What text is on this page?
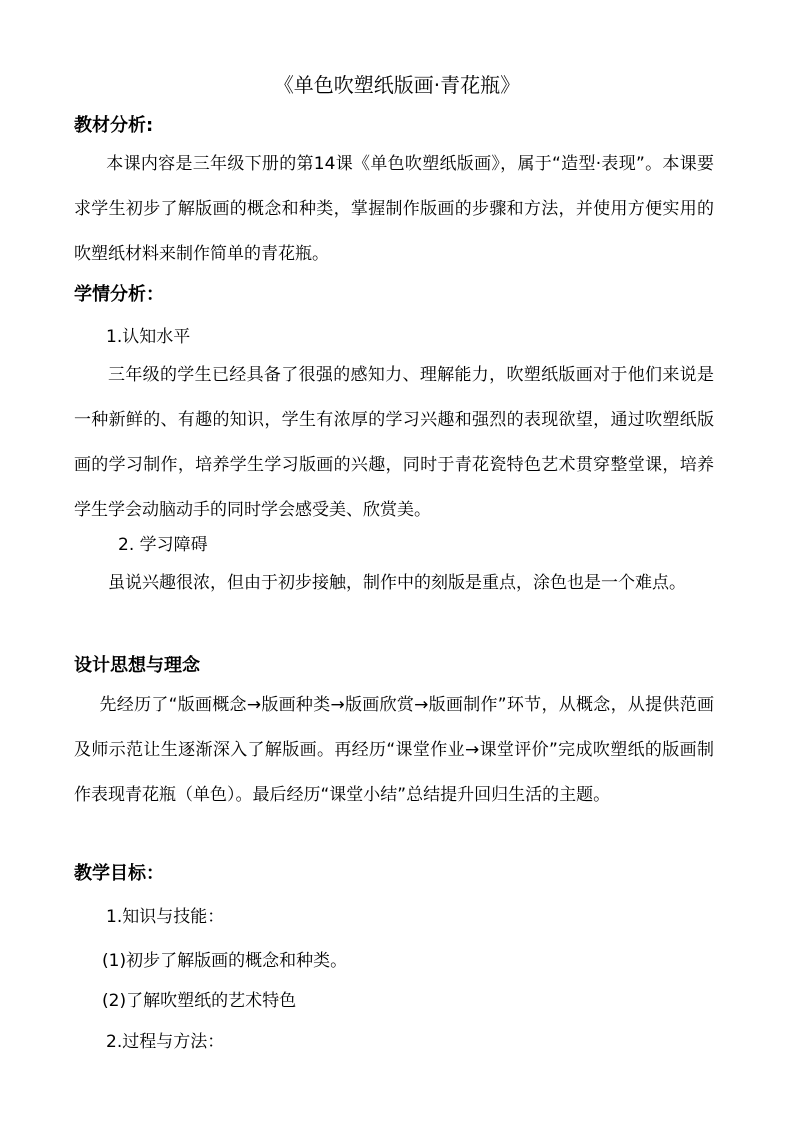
《单色吹塑纸版画·青花瓶》
教材分析:
本课内容是三年级下册的第14课《单色吹塑纸版画》，属于“造型·表现”。本课要求学生初步了解版画的概念和种类，掌握制作版画的步骤和方法，并使用方便实用的吹塑纸材料来制作简单的青花瓶。
学情分析：
1.认知水平
三年级的学生已经具备了很强的感知力、理解能力，吹塑纸版画对于他们来说是一种新鲜的、有趣的知识，学生有浓厚的学习兴趣和强烈的表现欲望，通过吹塑纸版画的学习制作，培养学生学习版画的兴趣，同时于青花瓷特色艺术贯穿整堂课，培养学生学会动脑动手的同时学会感受美、欣赏美。
2. 学习障碍
虽说兴趣很浓，但由于初步接触，制作中的刻版是重点，涂色也是一个难点。
设计思想与理念
先经历了“版画概念→版画种类→版画欣赏→版画制作”环节，从概念，从提供范画及师示范让生逐渐深入了解版画。再经历“课堂作业→课堂评价”完成吹塑纸的版画制作表现青花瓶（单色）。最后经历“课堂小结”总结提升回归生活的主题。
教学目标：
1.知识与技能：
(1)初步了解版画的概念和种类。
(2)了解吹塑纸的艺术特色
2.过程与方法：
